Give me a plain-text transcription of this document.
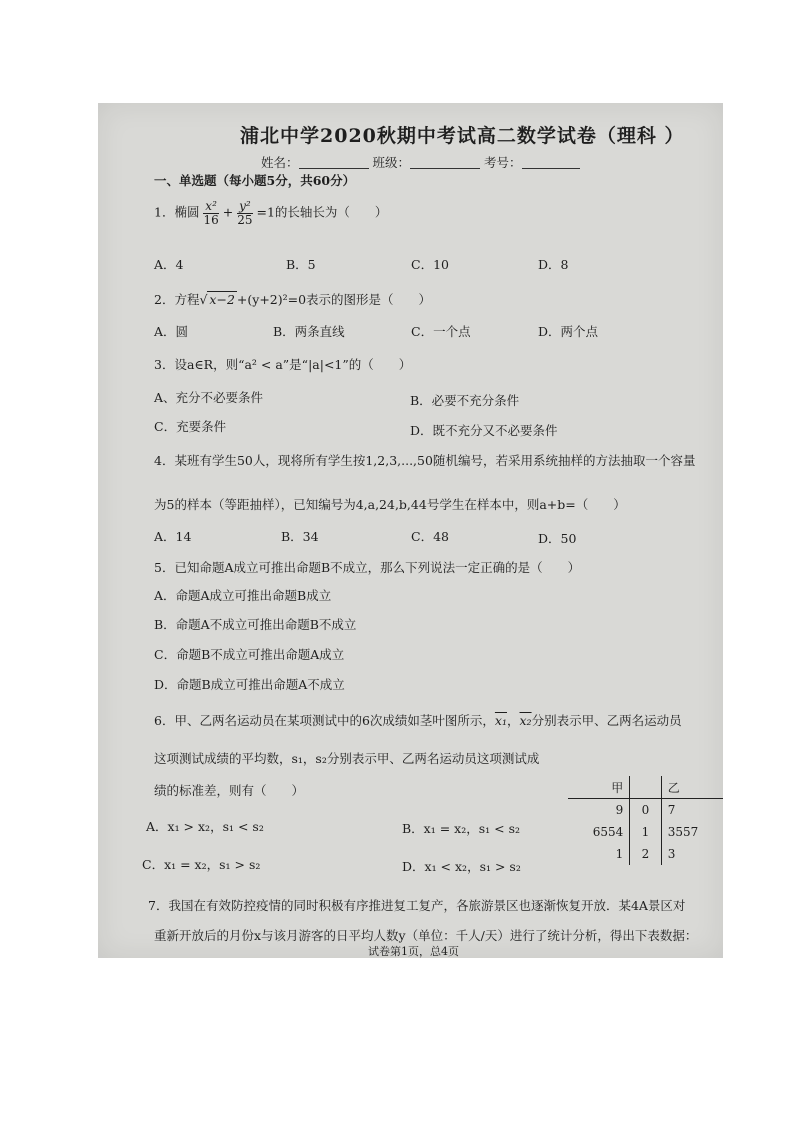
浦北中学2020秋期中考试高二数学试卷（理科 ）
姓名：	班级：	考号：
一、单选题（每小题5分，共60分）
1．椭圆 $\frac{\text{x²}}{16} + \frac{\text{y²}}{25} =1$的长轴长为（　　）
A．4	B．5	C．10	D．8
2．方程√ x−2 +(y+2)²=0表示的图形是（　　）
A．圆	B．两条直线	C．一个点	D．两个点
3．设a∈R，则“a² < a”是“|a|<1”的（　　）
A、充分不必要条件	B．必要不充分条件
C．充要条件	D．既不充分又不必要条件
4．某班有学生50人，现将所有学生按1,2,3,...,50随机编号，若采用系统抽样的方法抽取一个容量
为5的样本（等距抽样），已知编号为4,a,24,b,44号学生在样本中，则a+b=（　　）
A．14	B．34	C．48	D．50
5．已知命题A成立可推出命题B不成立，那么下列说法一定正确的是（　　）
A．命题A成立可推出命题B成立
B．命题A不成立可推出命题B不成立
C．命题B不成立可推出命题A成立
D．命题B成立可推出命题A不成立
6．甲、乙两名运动员在某项测试中的6次成绩如茎叶图所示，x₁，x₂分别表示甲、乙两名运动员
这项测试成绩的平均数，s₁，s₂分别表示甲、乙两名运动员这项测试成
绩的标准差，则有（　　）
A．x₁ > x₂，s₁ < s₂	B．x₁ = x₂，s₁ < s₂
C．x₁ = x₂，s₁ > s₂	D．x₁ < x₂，s₁ > s₂
甲		乙
9	0	7
6554	1	3557
1	2	3
7．我国在有效防控疫情的同时积极有序推进复工复产，各旅游景区也逐渐恢复开放．某4A景区对
重新开放后的月份x与该月游客的日平均人数y（单位：千人/天）进行了统计分析，得出下表数据：
试卷第1页，总4页
